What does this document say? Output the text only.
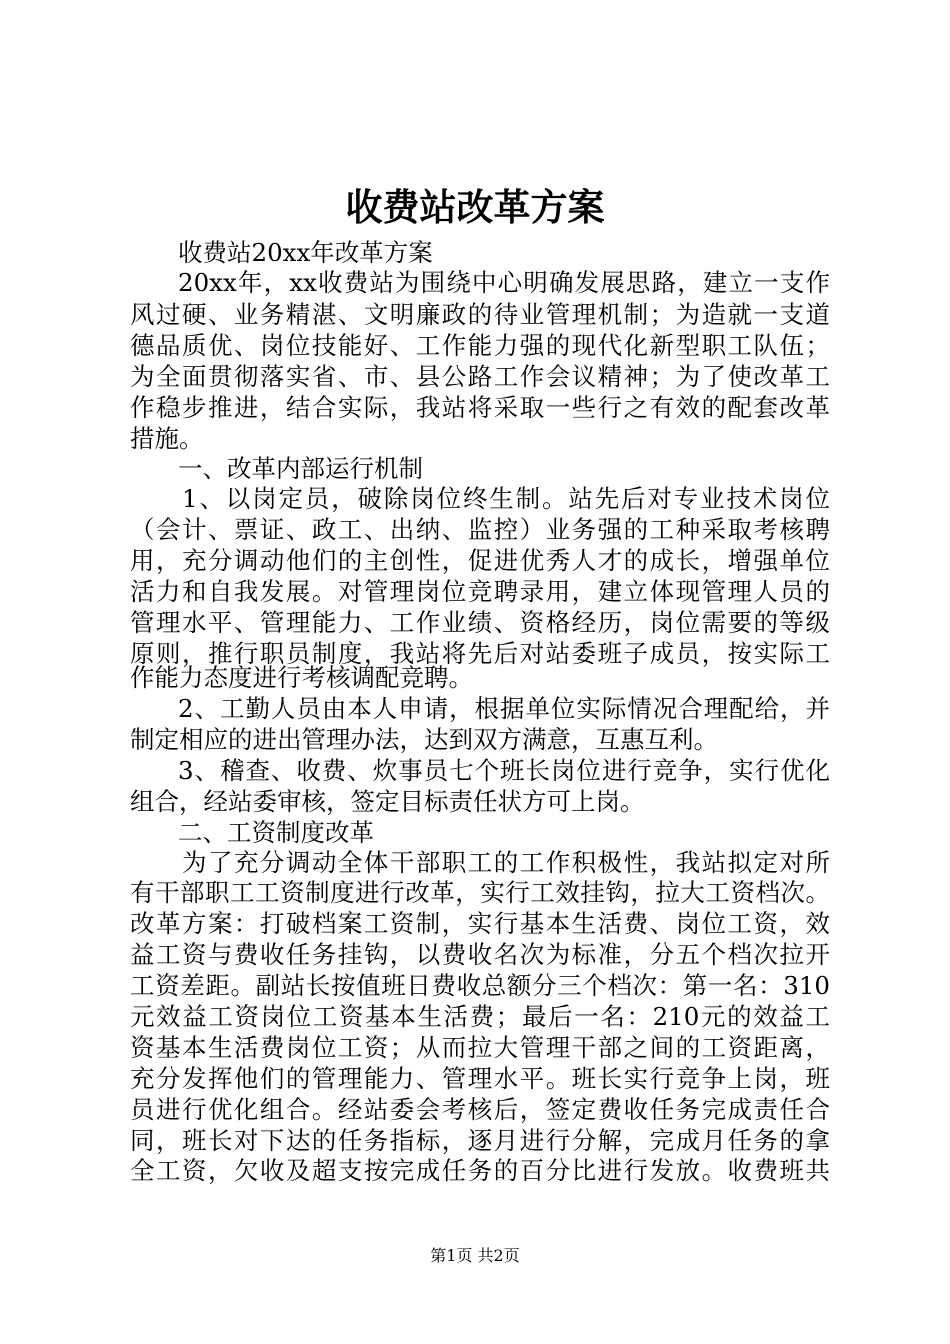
收费站改革方案
收费站20xx年改革方案
20xx年，xx收费站为围绕中心明确发展思路，建立一支作
风过硬、业务精湛、文明廉政的待业管理机制；为造就一支道
德品质优、岗位技能好、工作能力强的现代化新型职工队伍；
为全面贯彻落实省、市、县公路工作会议精神；为了使改革工
作稳步推进，结合实际，我站将采取一些行之有效的配套改革
措施。
一、改革内部运行机制
1、以岗定员，破除岗位终生制。站先后对专业技术岗位
（会计、票证、政工、出纳、监控）业务强的工种采取考核聘
用，充分调动他们的主创性，促进优秀人才的成长，增强单位
活力和自我发展。对管理岗位竞聘录用，建立体现管理人员的
管理水平、管理能力、工作业绩、资格经历，岗位需要的等级
原则，推行职员制度，我站将先后对站委班子成员，按实际工
作能力态度进行考核调配竞聘。
2、工勤人员由本人申请，根据单位实际情况合理配给，并
制定相应的进出管理办法，达到双方满意，互惠互利。
3、稽查、收费、炊事员七个班长岗位进行竞争，实行优化
组合，经站委审核，签定目标责任状方可上岗。
二、工资制度改革
为了充分调动全体干部职工的工作积极性，我站拟定对所
有干部职工工资制度进行改革，实行工效挂钩，拉大工资档次。
改革方案：打破档案工资制，实行基本生活费、岗位工资，效
益工资与费收任务挂钩，以费收名次为标准，分五个档次拉开
工资差距。副站长按值班日费收总额分三个档次：第一名：310
元效益工资岗位工资基本生活费；最后一名：210元的效益工
资基本生活费岗位工资；从而拉大管理干部之间的工资距离，
充分发挥他们的管理能力、管理水平。班长实行竞争上岗，班
员进行优化组合。经站委会考核后，签定费收任务完成责任合
同，班长对下达的任务指标，逐月进行分解，完成月任务的拿
全工资，欠收及超支按完成任务的百分比进行发放。收费班共
第1页 共2页
